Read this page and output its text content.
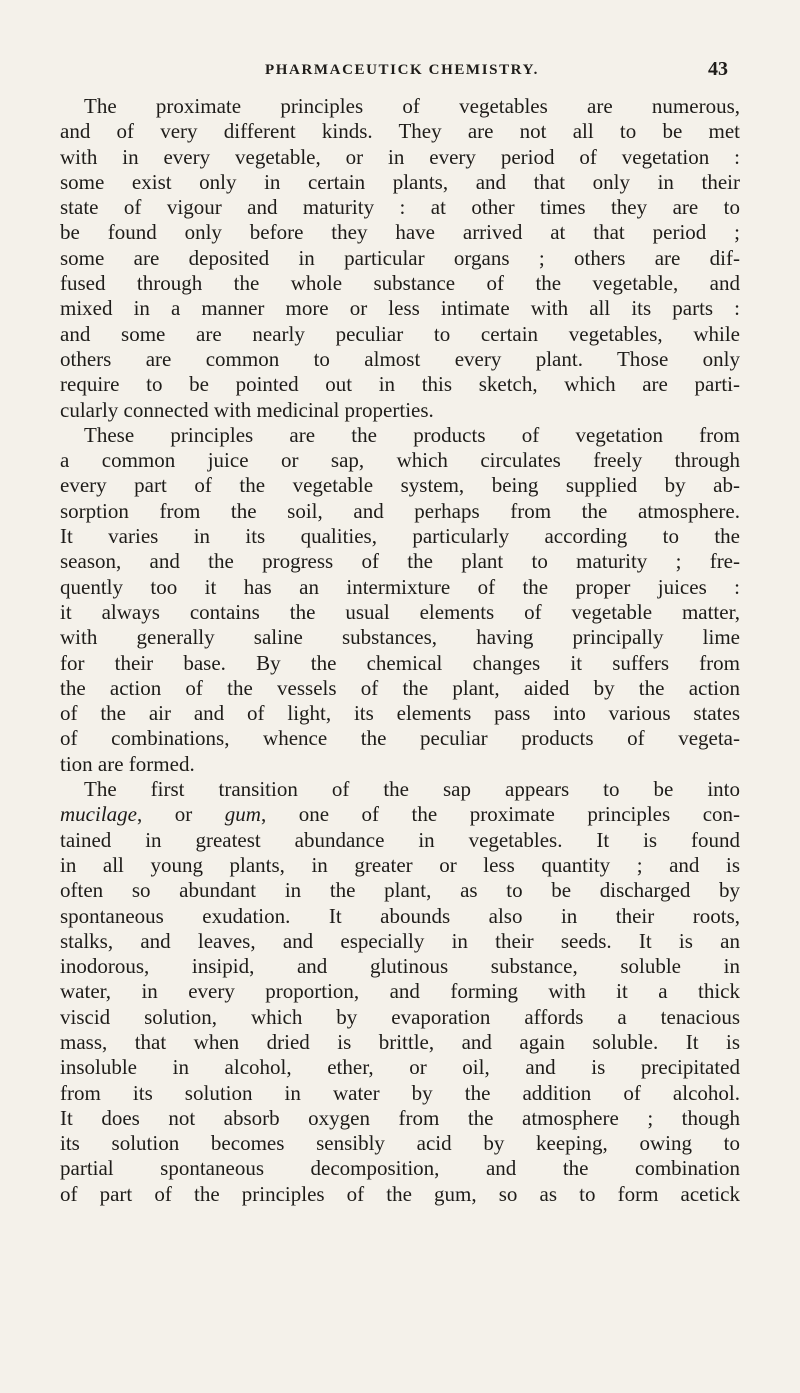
PHARMACEUTICK CHEMISTRY.	43
The proximate principles of vegetables are numerous,
and of very different kinds. They are not all to be met
with in every vegetable, or in every period of vegetation :
some exist only in certain plants, and that only in their
state of vigour and maturity : at other times they are to
be found only before they have arrived at that period ;
some are deposited in particular organs ; others are dif-
fused through the whole substance of the vegetable, and
mixed in a manner more or less intimate with all its parts :
and some are nearly peculiar to certain vegetables, while
others are common to almost every plant. Those only
require to be pointed out in this sketch, which are parti-
cularly connected with medicinal properties.
These principles are the products of vegetation from
a common juice or sap, which circulates freely through
every part of the vegetable system, being supplied by ab-
sorption from the soil, and perhaps from the atmosphere.
It varies in its qualities, particularly according to the
season, and the progress of the plant to maturity ; fre-
quently too it has an intermixture of the proper juices :
it always contains the usual elements of vegetable matter,
with generally saline substances, having principally lime
for their base. By the chemical changes it suffers from
the action of the vessels of the plant, aided by the action
of the air and of light, its elements pass into various states
of combinations, whence the peculiar products of vegeta-
tion are formed.
The first transition of the sap appears to be into
mucilage, or gum, one of the proximate principles con-
tained in greatest abundance in vegetables. It is found
in all young plants, in greater or less quantity ; and is
often so abundant in the plant, as to be discharged by
spontaneous exudation. It abounds also in their roots,
stalks, and leaves, and especially in their seeds. It is an
inodorous, insipid, and glutinous substance, soluble in
water, in every proportion, and forming with it a thick
viscid solution, which by evaporation affords a tenacious
mass, that when dried is brittle, and again soluble. It is
insoluble in alcohol, ether, or oil, and is precipitated
from its solution in water by the addition of alcohol.
It does not absorb oxygen from the atmosphere ; though
its solution becomes sensibly acid by keeping, owing to
partial spontaneous decomposition, and the combination
of part of the principles of the gum, so as to form acetick
